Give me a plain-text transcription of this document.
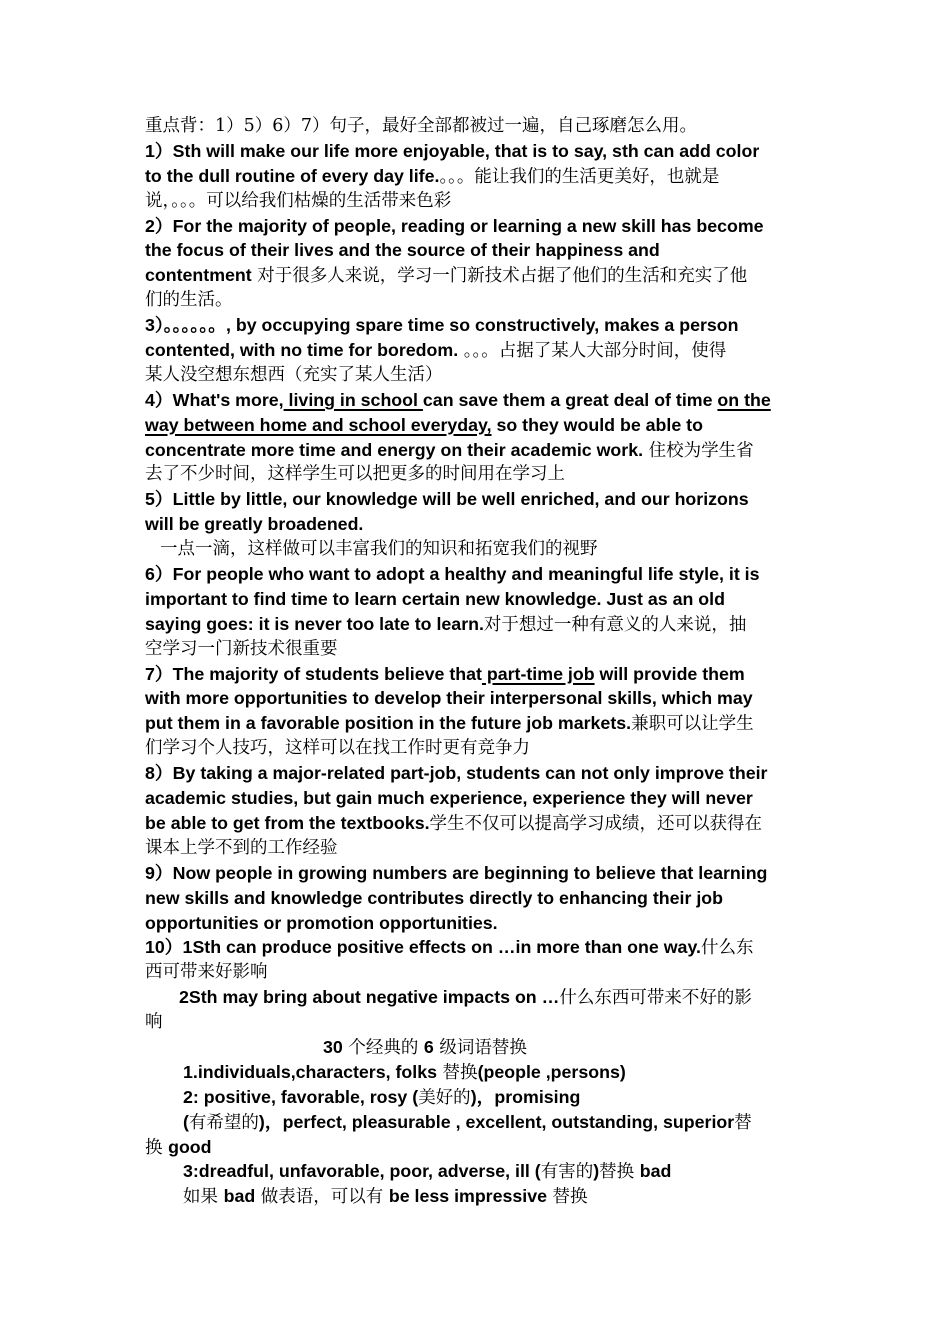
重点背：1）5）6）7）句子，最好全部都被过一遍，自己琢磨怎么用。
1）Sth will make our life more enjoyable, that is to say, sth can add color
to the dull routine of every day life.。。。能让我们的生活更美好，也就是
说，。。。可以给我们枯燥的生活带来色彩
2）For the majority of people, reading or learning a new skill has become
the focus of their lives and the source of their happiness and
contentment 对于很多人来说，学习一门新技术占据了他们的生活和充实了他
们的生活。
3）。。。。。。, by occupying spare time so constructively, makes a person
contented, with no time for boredom. 。。。占据了某人大部分时间，使得
某人没空想东想西（充实了某人生活）
4）What's more, living in school can save them a great deal of time on the
way between home and school everyday, so they would be able to
concentrate more time and energy on their academic work. 住校为学生省
去了不少时间，这样学生可以把更多的时间用在学习上
5）Little by little, our knowledge will be well enriched, and our horizons
will be greatly broadened.
一点一滴，这样做可以丰富我们的知识和拓宽我们的视野
6）For people who want to adopt a healthy and meaningful life style, it is
important to find time to learn certain new knowledge. Just as an old
saying goes: it is never too late to learn.对于想过一种有意义的人来说，抽
空学习一门新技术很重要
7）The majority of students believe that part-time job will provide them
with more opportunities to develop their interpersonal skills, which may
put them in a favorable position in the future job markets.兼职可以让学生
们学习个人技巧，这样可以在找工作时更有竞争力
8）By taking a major-related part-job, students can not only improve their
academic studies, but gain much experience, experience they will never
be able to get from the textbooks.学生不仅可以提高学习成绩，还可以获得在
课本上学不到的工作经验
9）Now people in growing numbers are beginning to believe that learning
new skills and knowledge contributes directly to enhancing their job
opportunities or promotion opportunities.
10）1Sth can produce positive effects on …in more than one way.什么东
西可带来好影响
2Sth may bring about negative impacts on …什么东西可带来不好的影
响
30 个经典的 6 级词语替换
1.individuals,characters, folks 替换(people ,persons)
2: positive, favorable, rosy (美好的)，promising
(有希望的)，perfect, pleasurable , excellent, outstanding, superior替
换 good
3:dreadful, unfavorable, poor, adverse, ill (有害的)替换 bad
如果 bad 做表语，可以有 be less impressive 替换
